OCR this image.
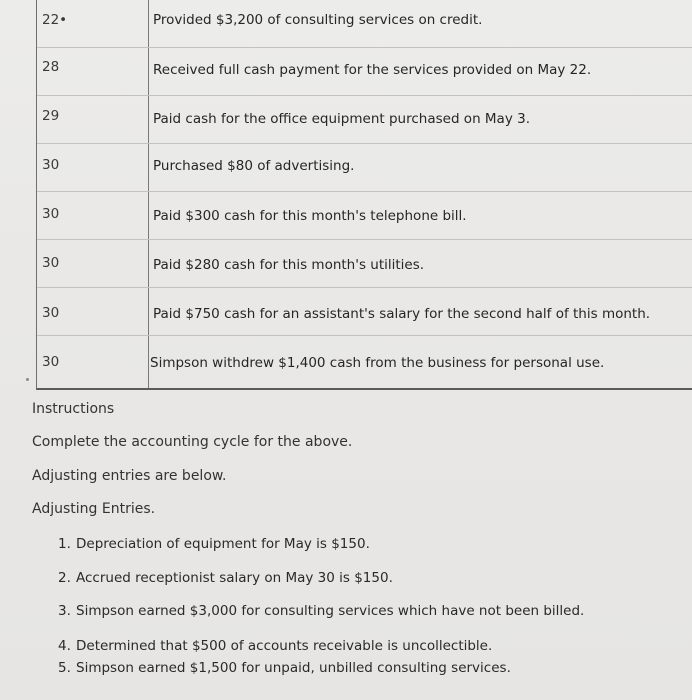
22•	Provided $3,200 of consulting services on credit.
28	Received full cash payment for the services provided on May 22.
29	Paid cash for the office equipment purchased on May 3.
30	Purchased $80 of advertising.
30	Paid $300 cash for this month's telephone bill.
30	Paid $280 cash for this month's utilities.
30	Paid $750 cash for an assistant's salary for the second half of this month.
30	Simpson withdrew $1,400 cash from the business for personal use.
Instructions
Complete the accounting cycle for the above.
Adjusting entries are below.
Adjusting Entries.
1. Depreciation of equipment for May is $150.
2. Accrued receptionist salary on May 30 is $150.
3. Simpson earned $3,000 for consulting services which have not been billed.
4. Determined that $500 of accounts receivable is uncollectible.
5. Simpson earned $1,500 for unpaid, unbilled consulting services.
